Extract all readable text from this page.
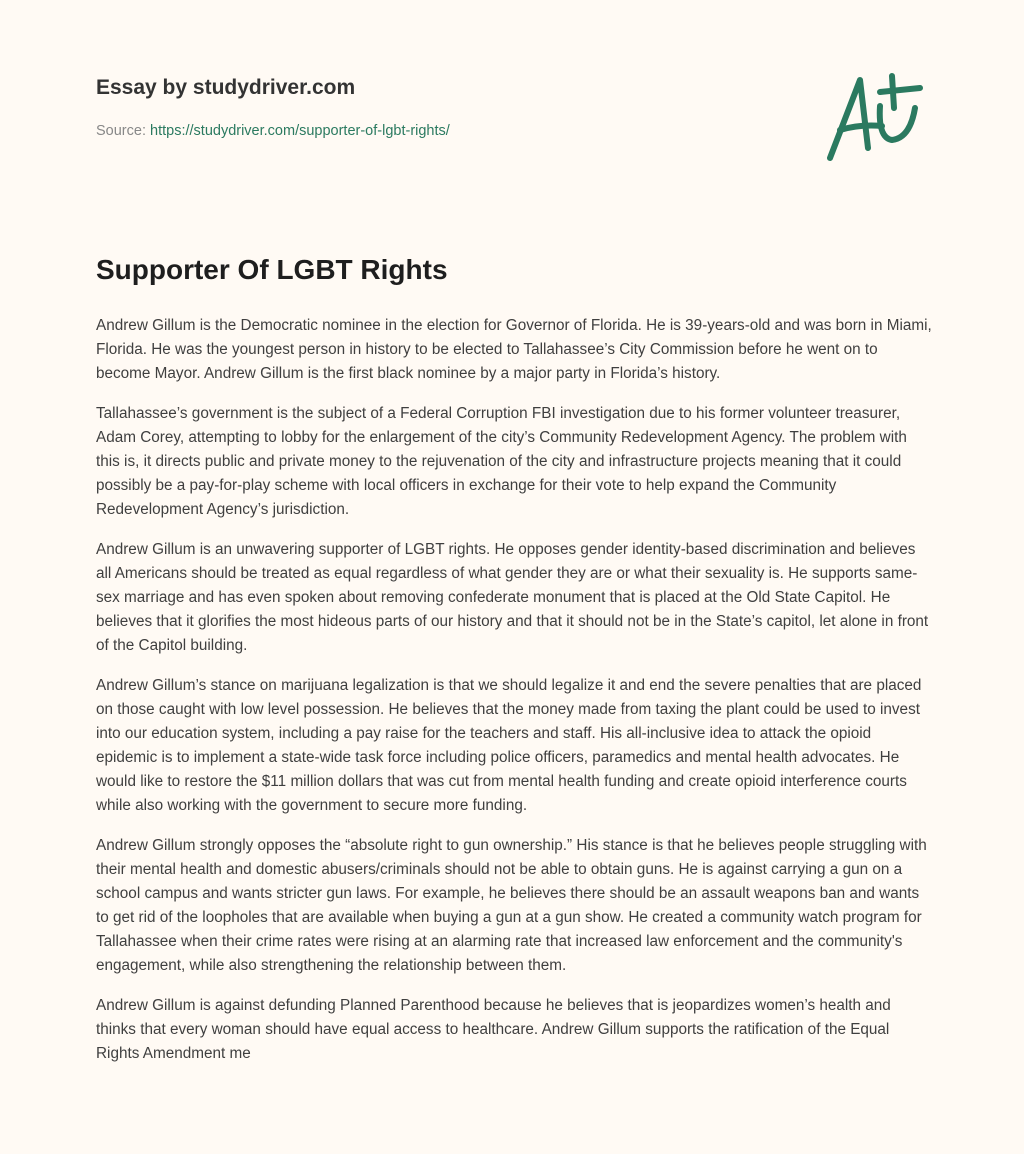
Essay by studydriver.com
Source: https://studydriver.com/supporter-of-lgbt-rights/
Supporter Of LGBT Rights

Andrew Gillum is the Democratic nominee in the election for Governor of Florida. He is 39-years-old and was born in Miami, Florida. He was the youngest person in history to be elected to Tallahassee’s City Commission before he went on to become Mayor. Andrew Gillum is the first black nominee by a major party in Florida’s history.

Tallahassee’s government is the subject of a Federal Corruption FBI investigation due to his former volunteer treasurer, Adam Corey, attempting to lobby for the enlargement of the city’s Community Redevelopment Agency. The problem with this is, it directs public and private money to the rejuvenation of the city and infrastructure projects meaning that it could possibly be a pay-for-play scheme with local officers in exchange for their vote to help expand the Community Redevelopment Agency’s jurisdiction.

Andrew Gillum is an unwavering supporter of LGBT rights. He opposes gender identity-based discrimination and believes all Americans should be treated as equal regardless of what gender they are or what their sexuality is. He supports same-sex marriage and has even spoken about removing confederate monument that is placed at the Old State Capitol. He believes that it glorifies the most hideous parts of our history and that it should not be in the State’s capitol, let alone in front of the Capitol building.

Andrew Gillum’s stance on marijuana legalization is that we should legalize it and end the severe penalties that are placed on those caught with low level possession. He believes that the money made from taxing the plant could be used to invest into our education system, including a pay raise for the teachers and staff. His all-inclusive idea to attack the opioid epidemic is to implement a state-wide task force including police officers, paramedics and mental health advocates. He would like to restore the $11 million dollars that was cut from mental health funding and create opioid interference courts while also working with the government to secure more funding.

Andrew Gillum strongly opposes the “absolute right to gun ownership.” His stance is that he believes people struggling with their mental health and domestic abusers/criminals should not be able to obtain guns. He is against carrying a gun on a school campus and wants stricter gun laws. For example, he believes there should be an assault weapons ban and wants to get rid of the loopholes that are available when buying a gun at a gun show. He created a community watch program for Tallahassee when their crime rates were rising at an alarming rate that increased law enforcement and the community's engagement, while also strengthening the relationship between them.

Andrew Gillum is against defunding Planned Parenthood because he believes that is jeopardizes women’s health and thinks that every woman should have equal access to healthcare. Andrew Gillum supports the ratification of the Equal Rights Amendment me
